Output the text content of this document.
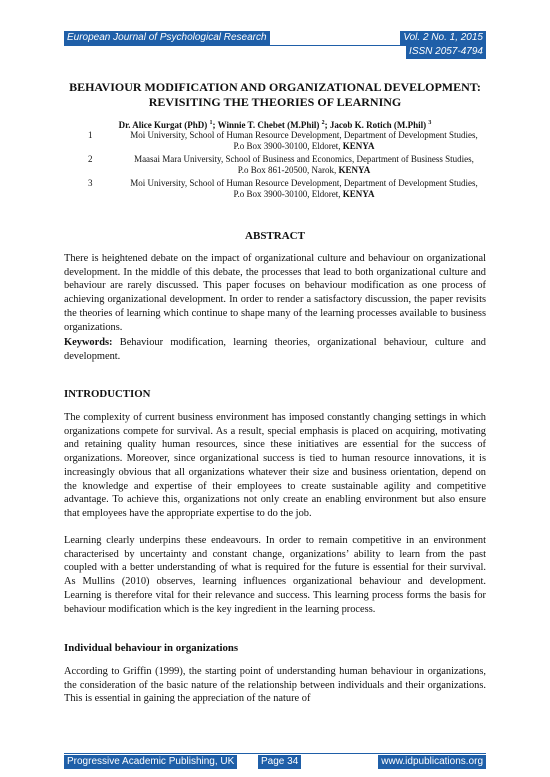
European Journal of Psychological Research	Vol. 2 No. 1, 2015
ISSN 2057-4794
BEHAVIOUR MODIFICATION AND ORGANIZATIONAL DEVELOPMENT:
REVISITING THE THEORIES OF LEARNING
Dr. Alice Kurgat (PhD) $^1$; Winnie T. Chebet (M.Phil) $^2$; Jacob K. Rotich (M.Phil) $^3$
1	Moi University, School of Human Resource Development, Department of Development Studies, P.o Box 3900-30100, Eldoret, KENYA
2	Maasai Mara University, School of Business and Economics, Department of Business Studies, P.o Box 861-20500, Narok, KENYA
3	Moi University, School of Human Resource Development, Department of Development Studies, P.o Box 3900-30100, Eldoret, KENYA
ABSTRACT

There is heightened debate on the impact of organizational culture and behaviour on organizational development. In the middle of this debate, the processes that lead to both organizational culture and behaviour are rarely discussed. This paper focuses on behaviour modification as one process of achieving organizational development. In order to render a satisfactory discussion, the paper revisits the theories of learning which continue to shape many of the learning processes available to business organizations.

Keywords: Behaviour modification, learning theories, organizational behaviour, culture and development.

INTRODUCTION

The complexity of current business environment has imposed constantly changing settings in which organizations compete for survival. As a result, special emphasis is placed on acquiring, motivating and retaining quality human resources, since these initiatives are essential for the success of organizations. Moreover, since organizational success is tied to human resource innovations, it is increasingly obvious that all organizations whatever their size and business orientation, depend on the knowledge and expertise of their employees to create sustainable agility and competitive advantage. To achieve this, organizations not only create an enabling environment but also ensure that employees have the appropriate expertise to do the job.

Learning clearly underpins these endeavours. In order to remain competitive in an environment characterised by uncertainty and constant change, organizations’ ability to learn from the past coupled with a better understanding of what is required for the future is essential for their survival. As Mullins (2010) observes, learning influences organizational behaviour and development. Learning is therefore vital for their relevance and success. This learning process forms the basis for behaviour modification which is the key ingredient in the learning process.

Individual behaviour in organizations

According to Griffin (1999), the starting point of understanding human behaviour in organizations, the consideration of the basic nature of the relationship between individuals and their organizations. This is essential in gaining the appreciation of the nature of

Progressive Academic Publishing, UK	Page 34	www.idpublications.org
